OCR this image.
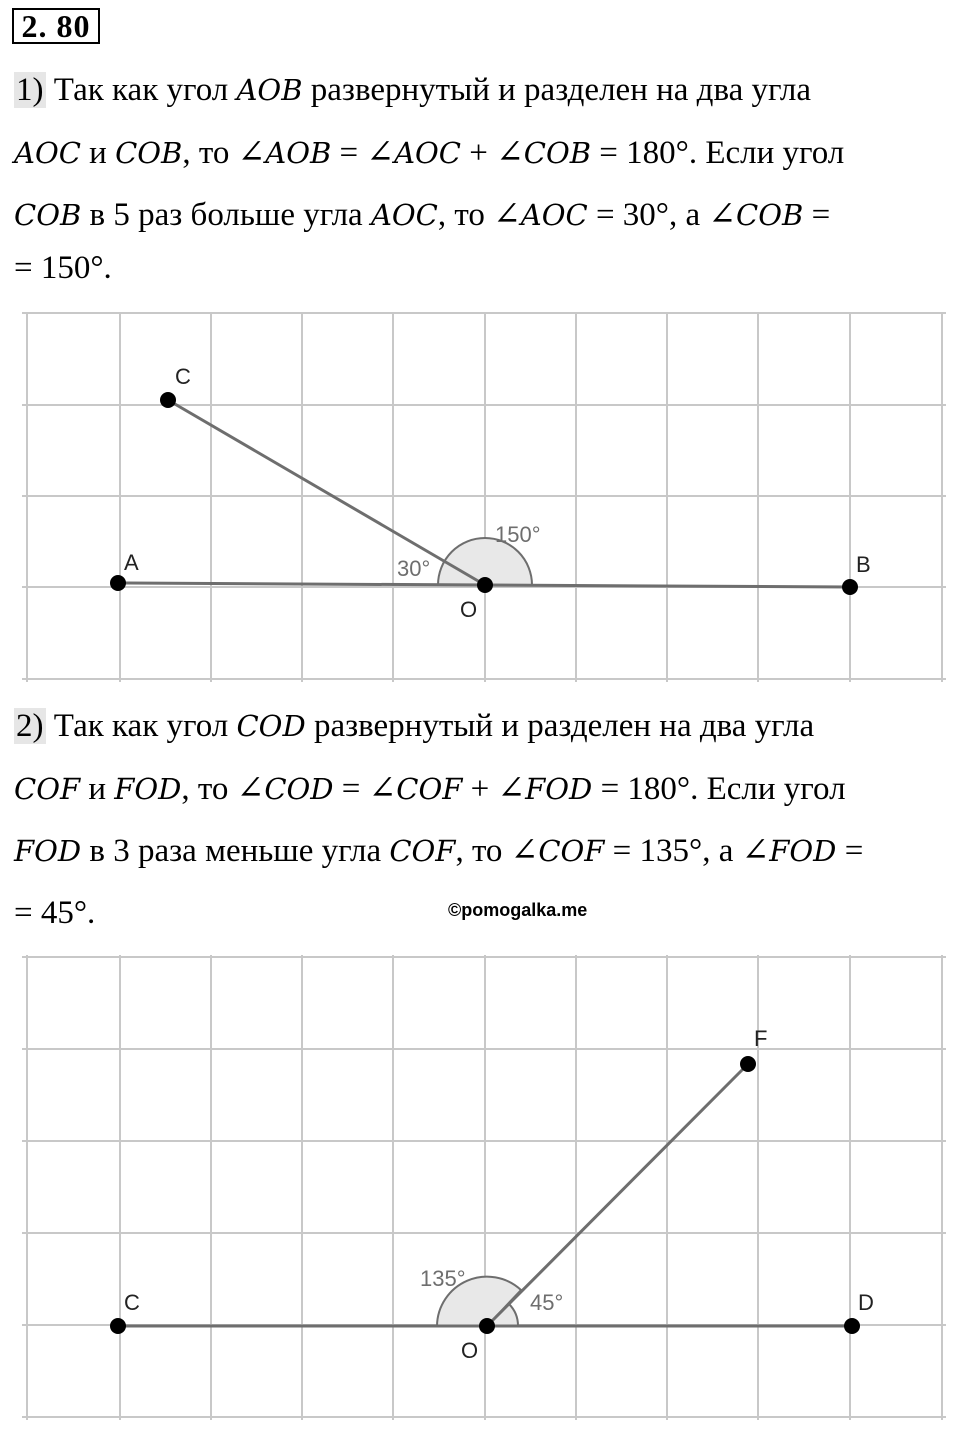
2. 80
1) Так как угол AOB развернутый и разделен на два угла
AOC и COB, то ∠AOB = ∠AOC + ∠COB = 180°. Если угол
COB в 5 раз больше угла AOC, то ∠AOC = 30°, а ∠COB =
= 150°.
A	B
C
O
30°
150°
2) Так как угол COD развернутый и разделен на два угла
COF и FOD, то ∠COD = ∠COF + ∠FOD = 180°. Если угол
FOD в 3 раза меньше угла COF, то ∠COF = 135°, а ∠FOD =
= 45°.	©pomogalka.me
C	D
F
O
135°
45°
